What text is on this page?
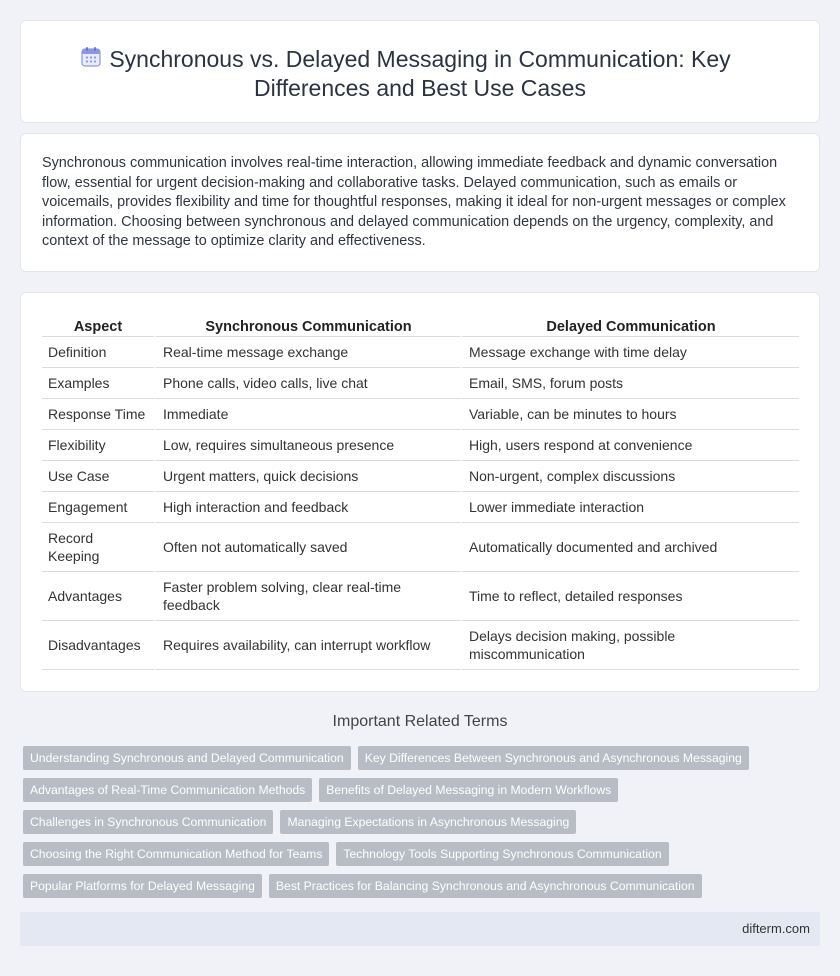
Synchronous vs. Delayed Messaging in Communication: Key Differences and Best Use Cases

Synchronous communication involves real-time interaction, allowing immediate feedback and dynamic conversation flow, essential for urgent decision-making and collaborative tasks. Delayed communication, such as emails or voicemails, provides flexibility and time for thoughtful responses, making it ideal for non-urgent messages or complex information. Choosing between synchronous and delayed communication depends on the urgency, complexity, and context of the message to optimize clarity and effectiveness.

Aspect	Synchronous Communication	Delayed Communication
Definition	Real-time message exchange	Message exchange with time delay
Examples	Phone calls, video calls, live chat	Email, SMS, forum posts
Response Time	Immediate	Variable, can be minutes to hours
Flexibility	Low, requires simultaneous presence	High, users respond at convenience
Use Case	Urgent matters, quick decisions	Non-urgent, complex discussions
Engagement	High interaction and feedback	Lower immediate interaction
Record Keeping	Often not automatically saved	Automatically documented and archived
Advantages	Faster problem solving, clear real-time feedback	Time to reflect, detailed responses
Disadvantages	Requires availability, can interrupt workflow	Delays decision making, possible miscommunication
Important Related Terms
Understanding Synchronous and Delayed Communication	Key Differences Between Synchronous and Asynchronous Messaging
Advantages of Real-Time Communication Methods	Benefits of Delayed Messaging in Modern Workflows
Challenges in Synchronous Communication	Managing Expectations in Asynchronous Messaging
Choosing the Right Communication Method for Teams	Technology Tools Supporting Synchronous Communication
Popular Platforms for Delayed Messaging	Best Practices for Balancing Synchronous and Asynchronous Communication
difterm.com
